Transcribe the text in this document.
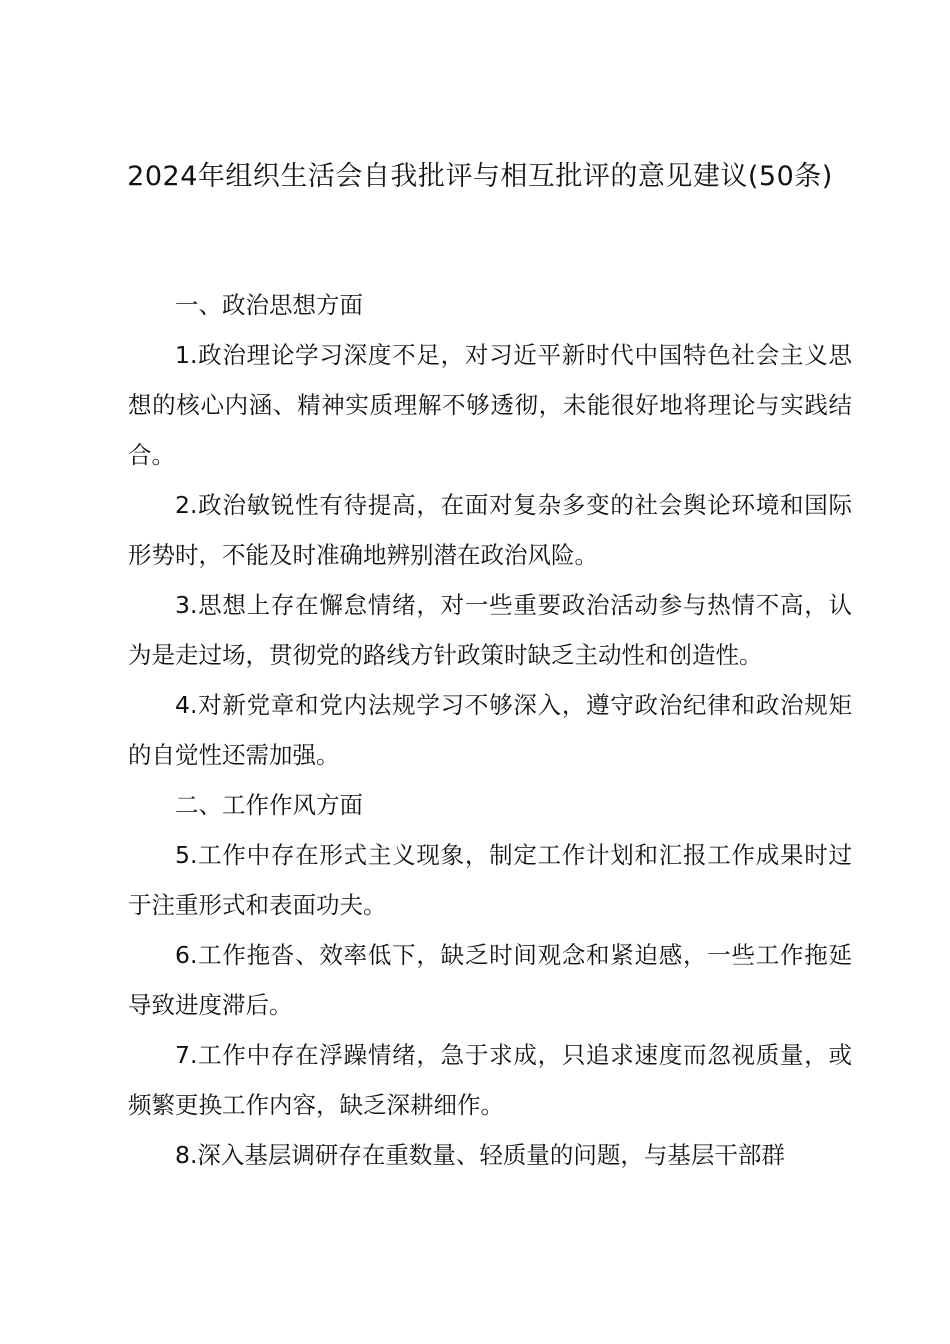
2024年组织生活会自我批评与相互批评的意见建议(50条)

一、政治思想方面

1.政治理论学习深度不足，对习近平新时代中国特色社会主义思想的核心内涵、精神实质理解不够透彻，未能很好地将理论与实践结合。

2.政治敏锐性有待提高，在面对复杂多变的社会舆论环境和国际形势时，不能及时准确地辨别潜在政治风险。

3.思想上存在懈怠情绪，对一些重要政治活动参与热情不高，认为是走过场，贯彻党的路线方针政策时缺乏主动性和创造性。

4.对新党章和党内法规学习不够深入，遵守政治纪律和政治规矩的自觉性还需加强。

二、工作作风方面

5.工作中存在形式主义现象，制定工作计划和汇报工作成果时过于注重形式和表面功夫。

6.工作拖沓、效率低下，缺乏时间观念和紧迫感，一些工作拖延导致进度滞后。

7.工作中存在浮躁情绪，急于求成，只追求速度而忽视质量，或频繁更换工作内容，缺乏深耕细作。

8.深入基层调研存在重数量、轻质量的问题，与基层干部群
